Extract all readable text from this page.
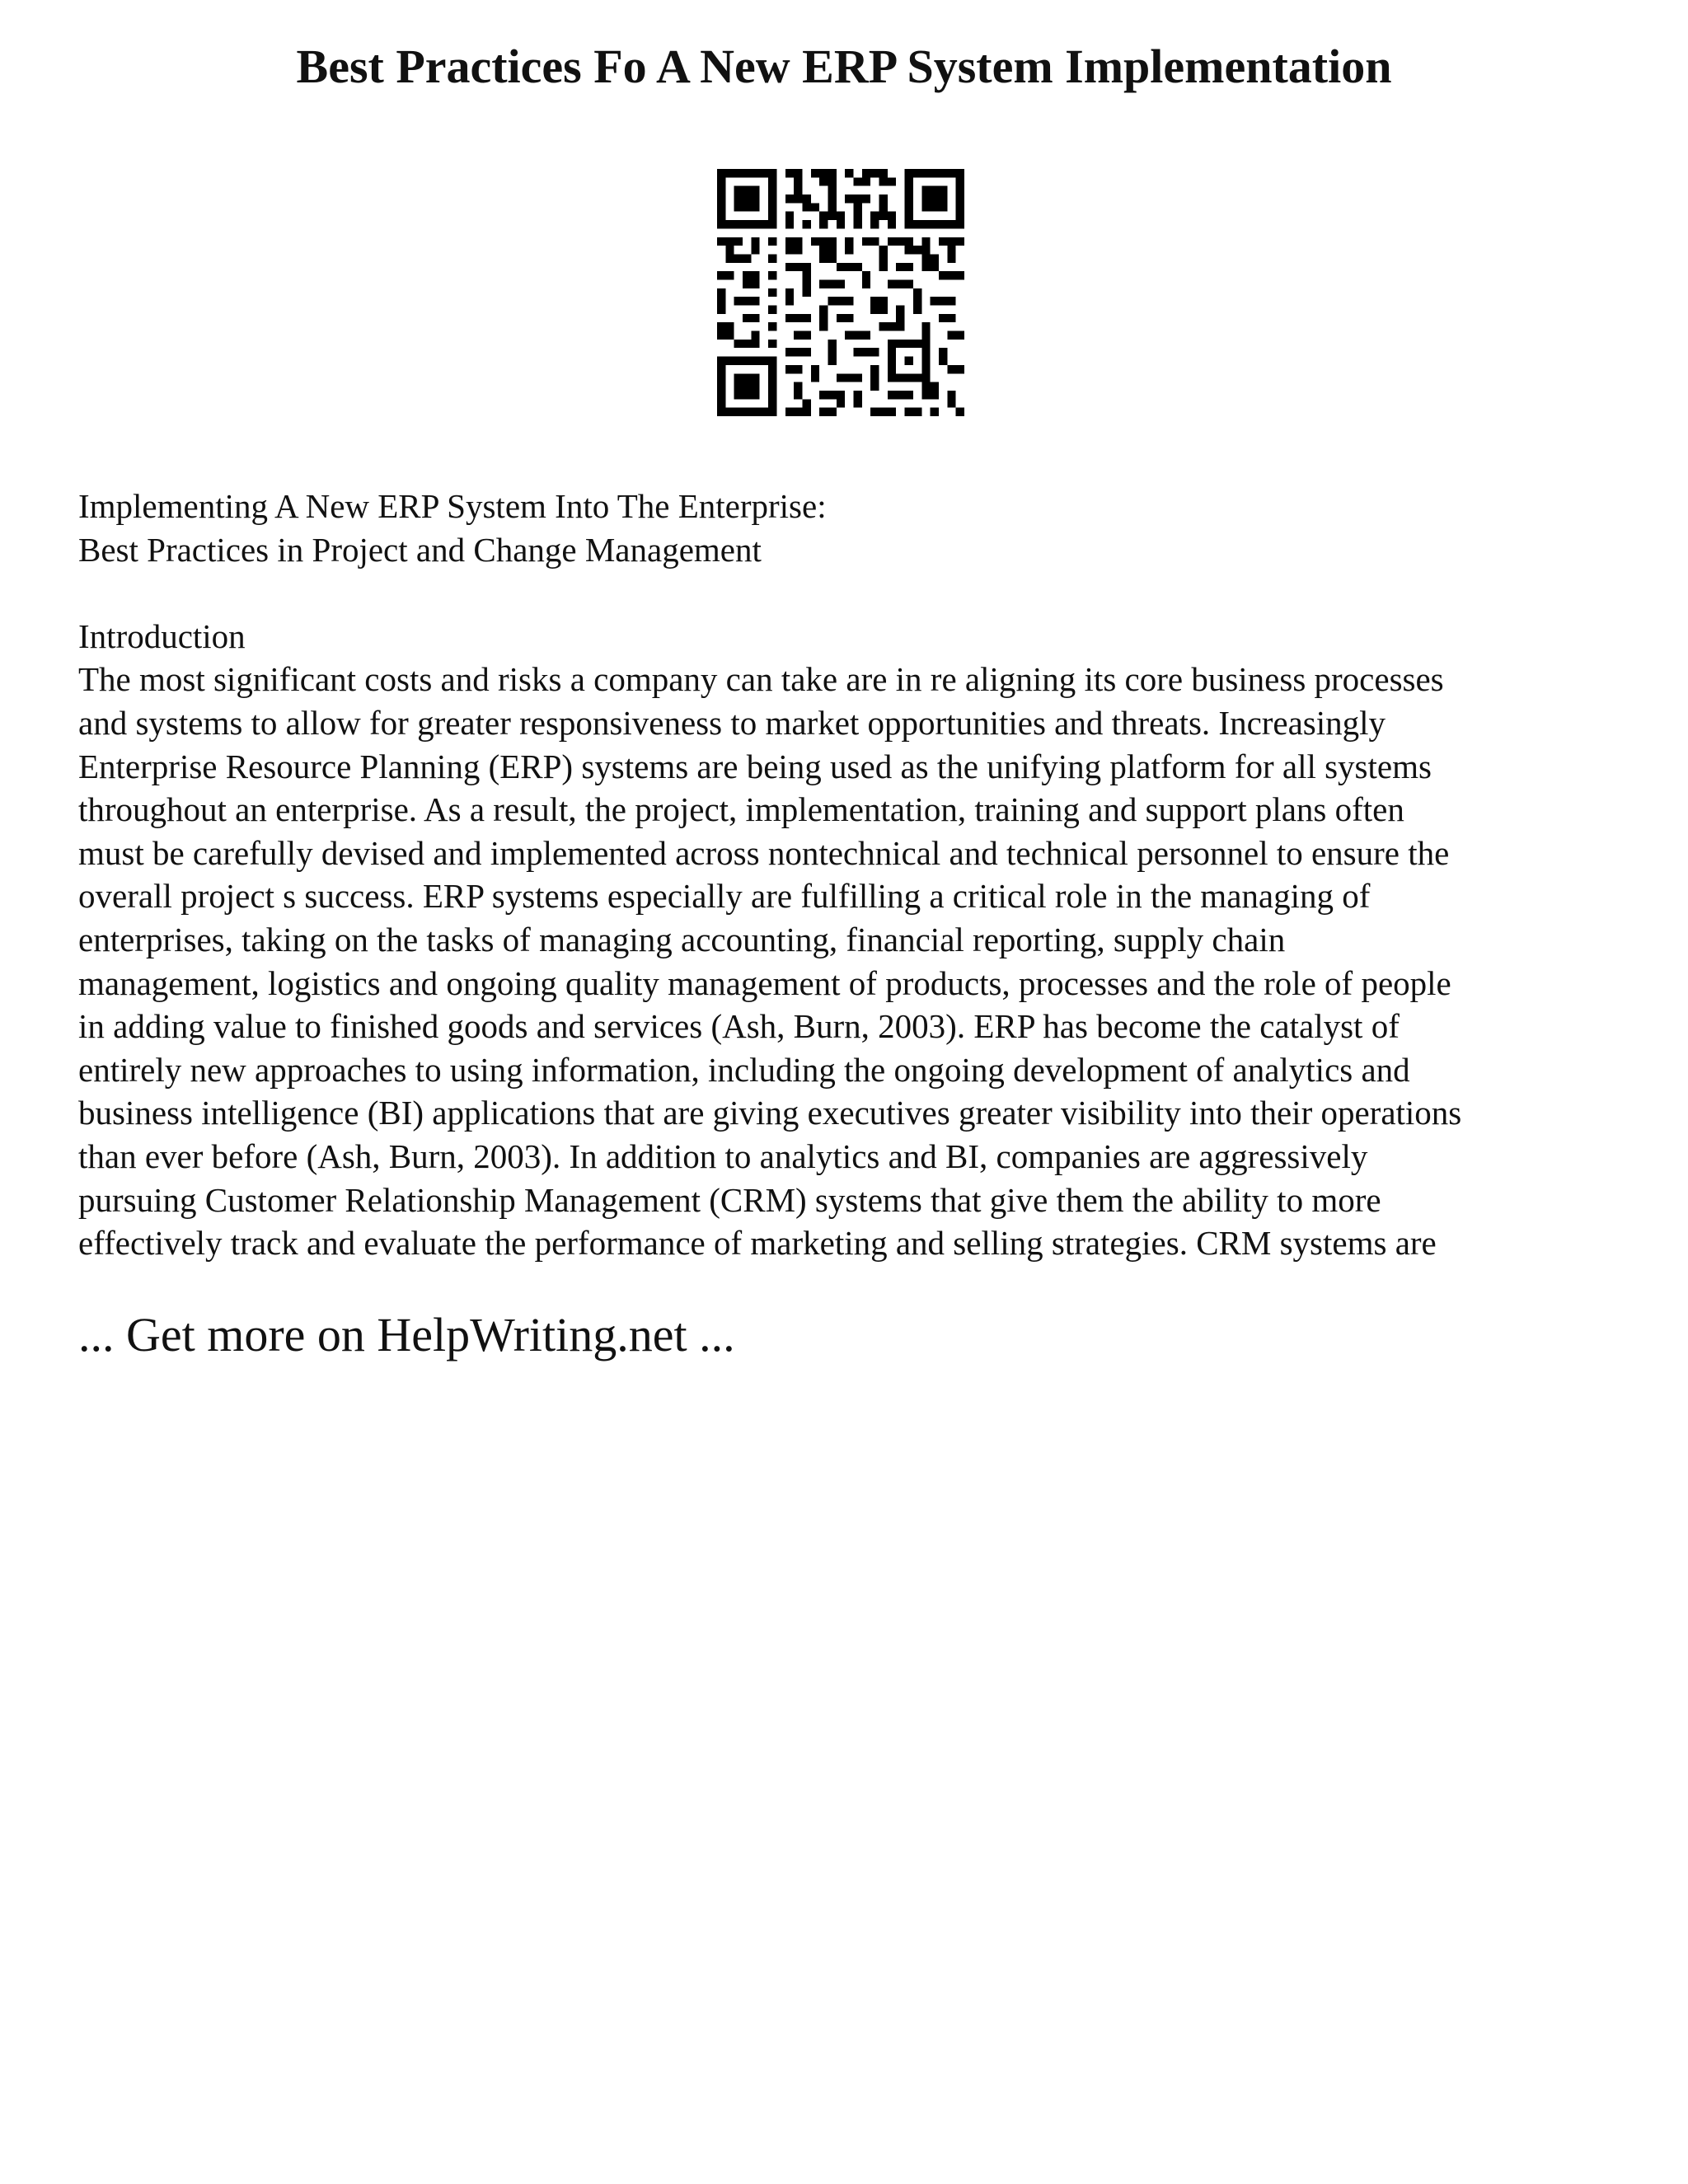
Best Practices Fo A New ERP System Implementation

Implementing A New ERP System Into The Enterprise:

Best Practices in Project and Change Management

Introduction

The most significant costs and risks a company can take are in re aligning its core business processes

and systems to allow for greater responsiveness to market opportunities and threats. Increasingly

Enterprise Resource Planning (ERP) systems are being used as the unifying platform for all systems

throughout an enterprise. As a result, the project, implementation, training and support plans often

must be carefully devised and implemented across nontechnical and technical personnel to ensure the

overall project s success. ERP systems especially are fulfilling a critical role in the managing of

enterprises, taking on the tasks of managing accounting, financial reporting, supply chain

management, logistics and ongoing quality management of products, processes and the role of people

in adding value to finished goods and services (Ash, Burn, 2003). ERP has become the catalyst of

entirely new approaches to using information, including the ongoing development of analytics and

business intelligence (BI) applications that are giving executives greater visibility into their operations

than ever before (Ash, Burn, 2003). In addition to analytics and BI, companies are aggressively

pursuing Customer Relationship Management (CRM) systems that give them the ability to more

effectively track and evaluate the performance of marketing and selling strategies. CRM systems are

... Get more on HelpWriting.net ...
